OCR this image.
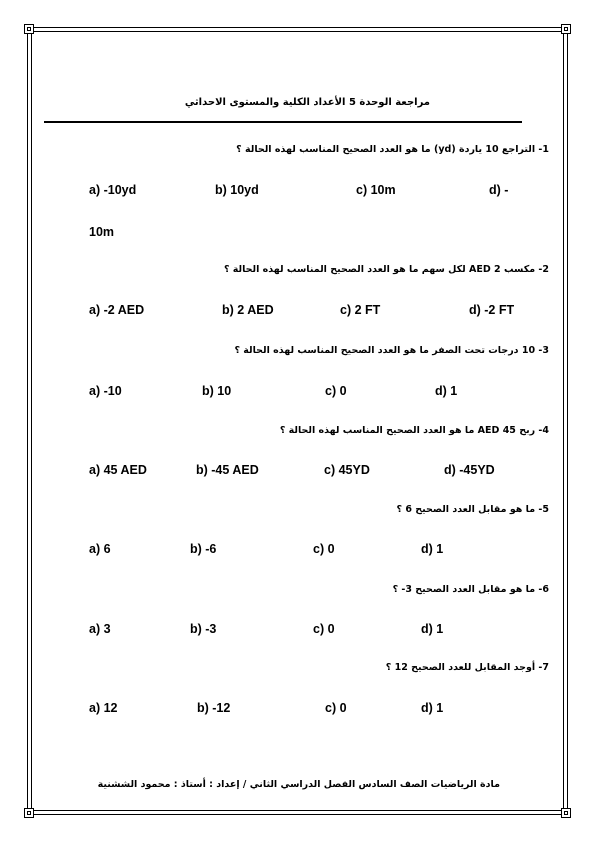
مراجعة الوحدة 5 الأعداد الكلية والمستوى الاحداثي
1- التراجع 10 ياردة (yd) ما هو العدد الصحيح المناسب لهذه الحالة ؟
a) -10yd	b) 10yd	c) 10m	d) -
10m
2- مكسب AED 2 لكل سهم ما هو العدد الصحيح المناسب لهذه الحالة ؟
a) -2 AED	b) 2 AED	c) 2 FT	d) -2 FT
3- 10 درجات تحت الصفر ما هو العدد الصحيح المناسب لهذه الحالة ؟
a) -10	b) 10	c) 0	d) 1
4- ربح AED 45 ما هو العدد الصحيح المناسب لهذه الحالة ؟
a) 45 AED	b) -45 AED	c) 45YD	d) -45YD
5- ما هو مقابل العدد الصحيح 6 ؟
a) 6	b) -6	c) 0	d) 1
6- ما هو مقابل العدد الصحيح 3- ؟
a) 3	b) -3	c) 0	d) 1
7- أوجد المقابل للعدد الصحيح 12 ؟
a) 12	b) -12	c) 0	d) 1
مادة الرياضيات الصف السادس الفصل الدراسي الثاني / إعداد : أستاذ : محمود الششنية
